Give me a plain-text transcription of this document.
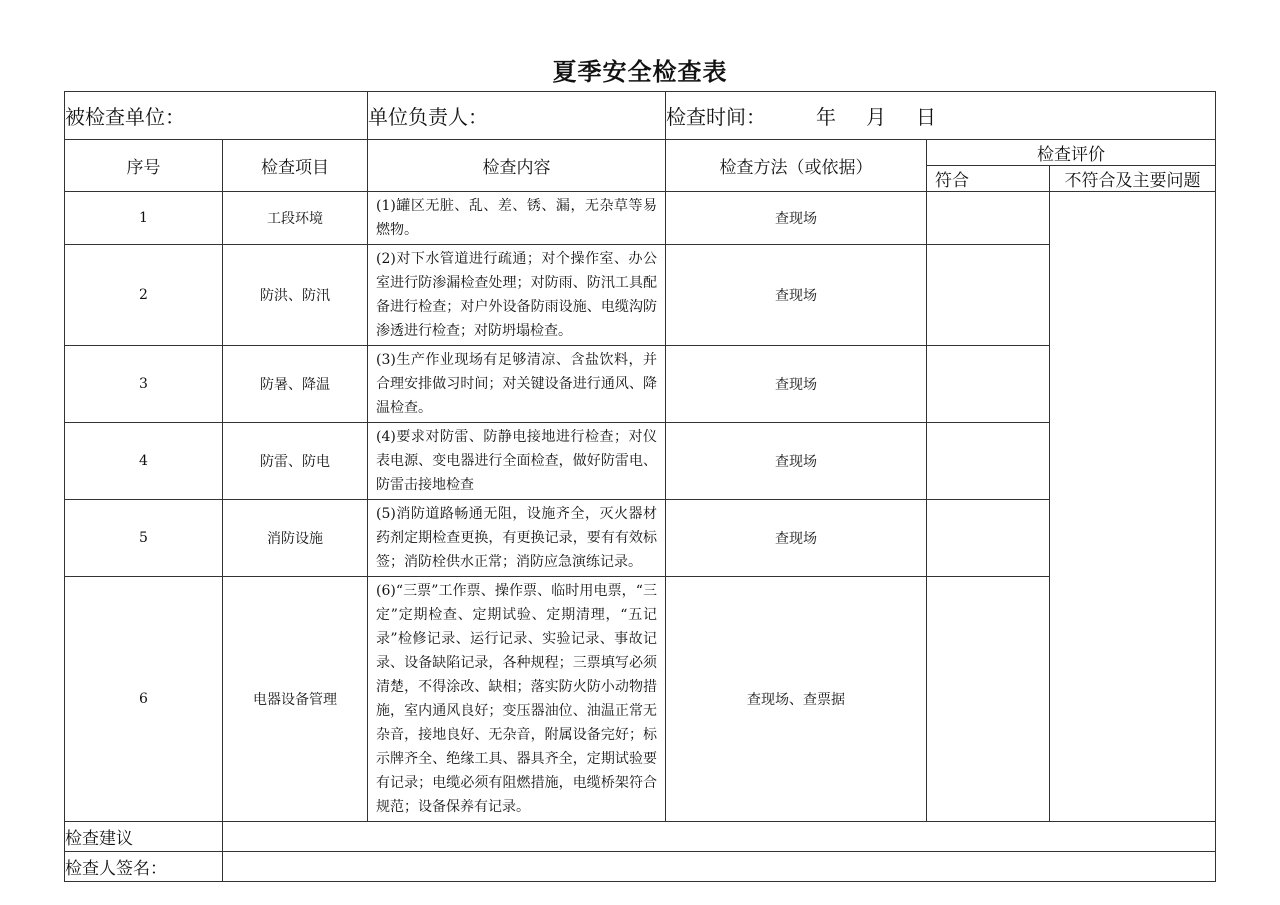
夏季安全检查表
被检查单位：		单位负责人：	检查时间： 年 月 日		
序号	检查项目	检查内容	检查方法（或依据）	检查评价	
				符合	不符合及主要问题
1	工段环境	(1)罐区无脏、乱、差、锈、漏，无杂草等易燃物。	查现场		
2	防洪、防汛	(2)对下水管道进行疏通；对个操作室、办公室进行防渗漏检查处理；对防雨、防汛工具配备进行检查；对户外设备防雨设施、电缆沟防渗透进行检查；对防坍塌检查。	查现场		
3	防暑、降温	(3)生产作业现场有足够清凉、含盐饮料，并合理安排做习时间；对关键设备进行通风、降温检查。	查现场		
4	防雷、防电	(4)要求对防雷、防静电接地进行检查；对仪表电源、变电器进行全面检查，做好防雷电、防雷击接地检查	查现场		
5	消防设施	(5)消防道路畅通无阻，设施齐全，灭火器材药剂定期检查更换，有更换记录，要有有效标签；消防栓供水正常；消防应急演练记录。	查现场		
6	电器设备管理	(6)“三票”工作票、操作票、临时用电票，“三定”定期检查、定期试验、定期清理，“五记录”检修记录、运行记录、实验记录、事故记录、设备缺陷记录，各种规程；三票填写必须清楚，不得涂改、缺相；落实防火防小动物措施，室内通风良好；变压器油位、油温正常无杂音，接地良好、无杂音，附属设备完好；标示牌齐全、绝缘工具、器具齐全，定期试验要有记录；电缆必须有阻燃措施，电缆桥架符合规范；设备保养有记录。	查现场、查票据		
检查建议					
检查人签名：					
